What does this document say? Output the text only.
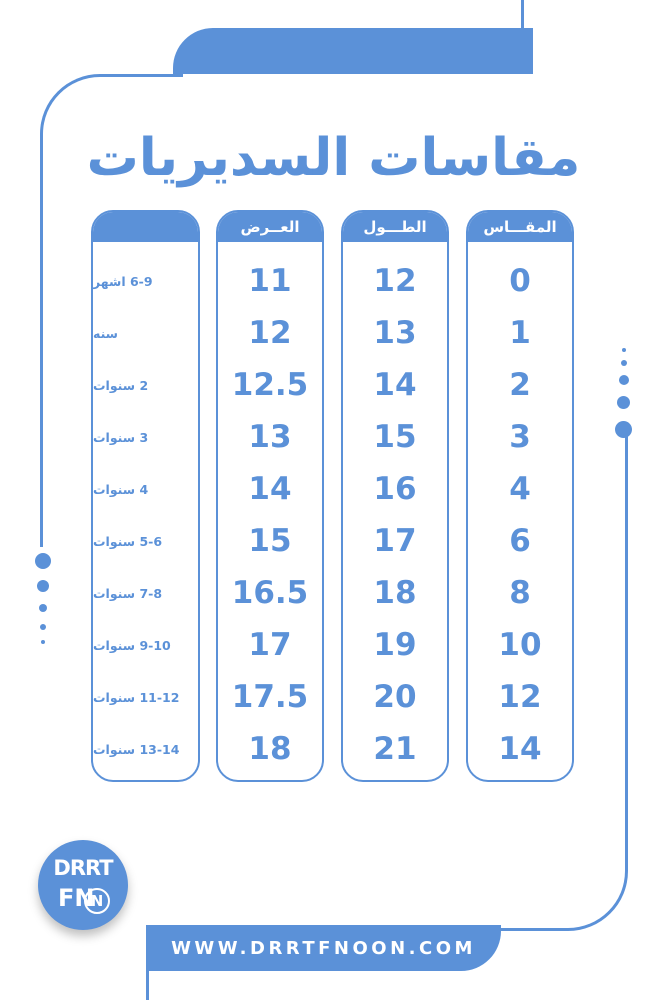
مقاسات السديريات
المقـــاس
0
1
2
3
4
6
8
10
12
14
الطـــول
12
13
14
15
16
17
18
19
20
21
العــرض
11
12
12.5
13
14
15
16.5
17
17.5
18
6-9 اشهر
سنه
2 سنوات
3 سنوات
4 سنوات
5-6 سنوات
7-8 سنوات
9-10 سنوات
11-12 سنوات
13-14 سنوات
DRRT
FN
N
WWW.DRRTFNOON.COM
